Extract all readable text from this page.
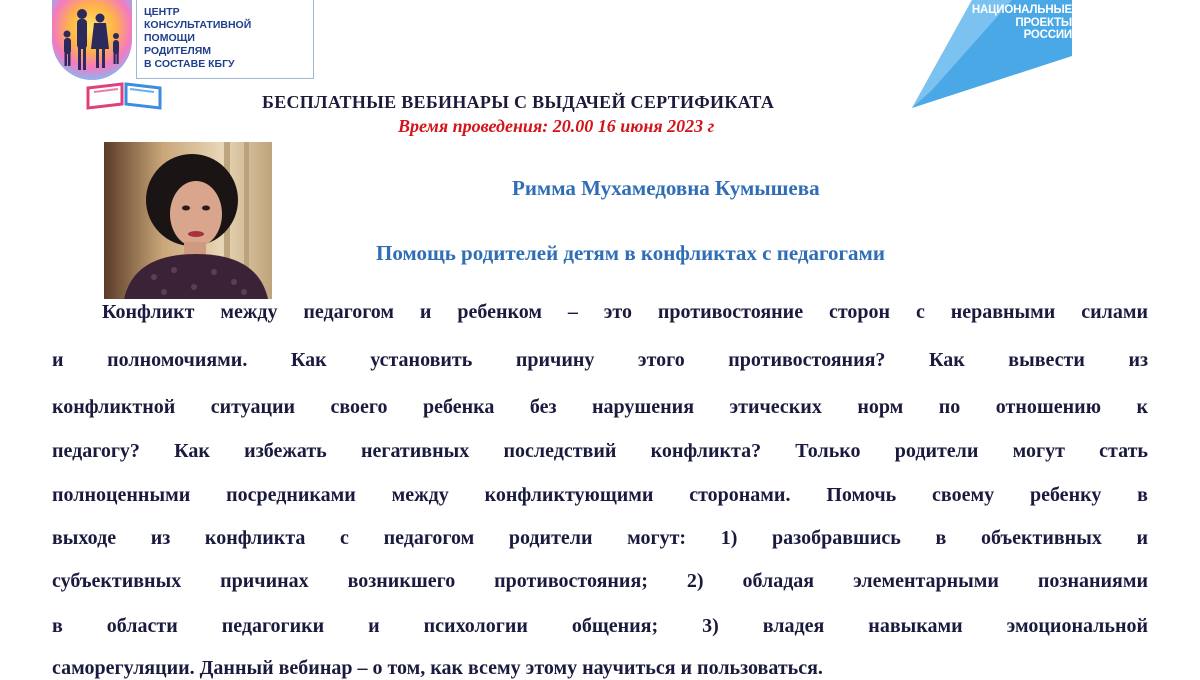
ЦЕНТР
КОНСУЛЬТАТИВНОЙ
ПОМОЩИ
РОДИТЕЛЯМ
В СОСТАВЕ КБГУ
НАЦИОНАЛЬНЫЕ
ПРОЕКТЫ
РОССИИ
БЕСПЛАТНЫЕ ВЕБИНАРЫ С ВЫДАЧЕЙ СЕРТИФИКАТА
Время проведения: 20.00 16 июня 2023 г
Римма Мухамедовна Кумышева
Помощь родителей детям в конфликтах с педагогами
Конфликт между педагогом и ребенком – это противостояние сторон с неравными силами
и полномочиями. Как установить причину этого противостояния? Как вывести из
конфликтной ситуации своего ребенка без нарушения этических норм по отношению к
педагогу? Как избежать негативных последствий конфликта? Только родители могут стать
полноценными посредниками между конфликтующими сторонами. Помочь своему ребенку в
выходе из конфликта с педагогом родители могут: 1) разобравшись в объективных и
субъективных причинах возникшего противостояния; 2) обладая элементарными познаниями
в области педагогики и психологии общения; 3) владея навыками эмоциональной
саморегуляции. Данный вебинар – о том, как всему этому научиться и пользоваться.
